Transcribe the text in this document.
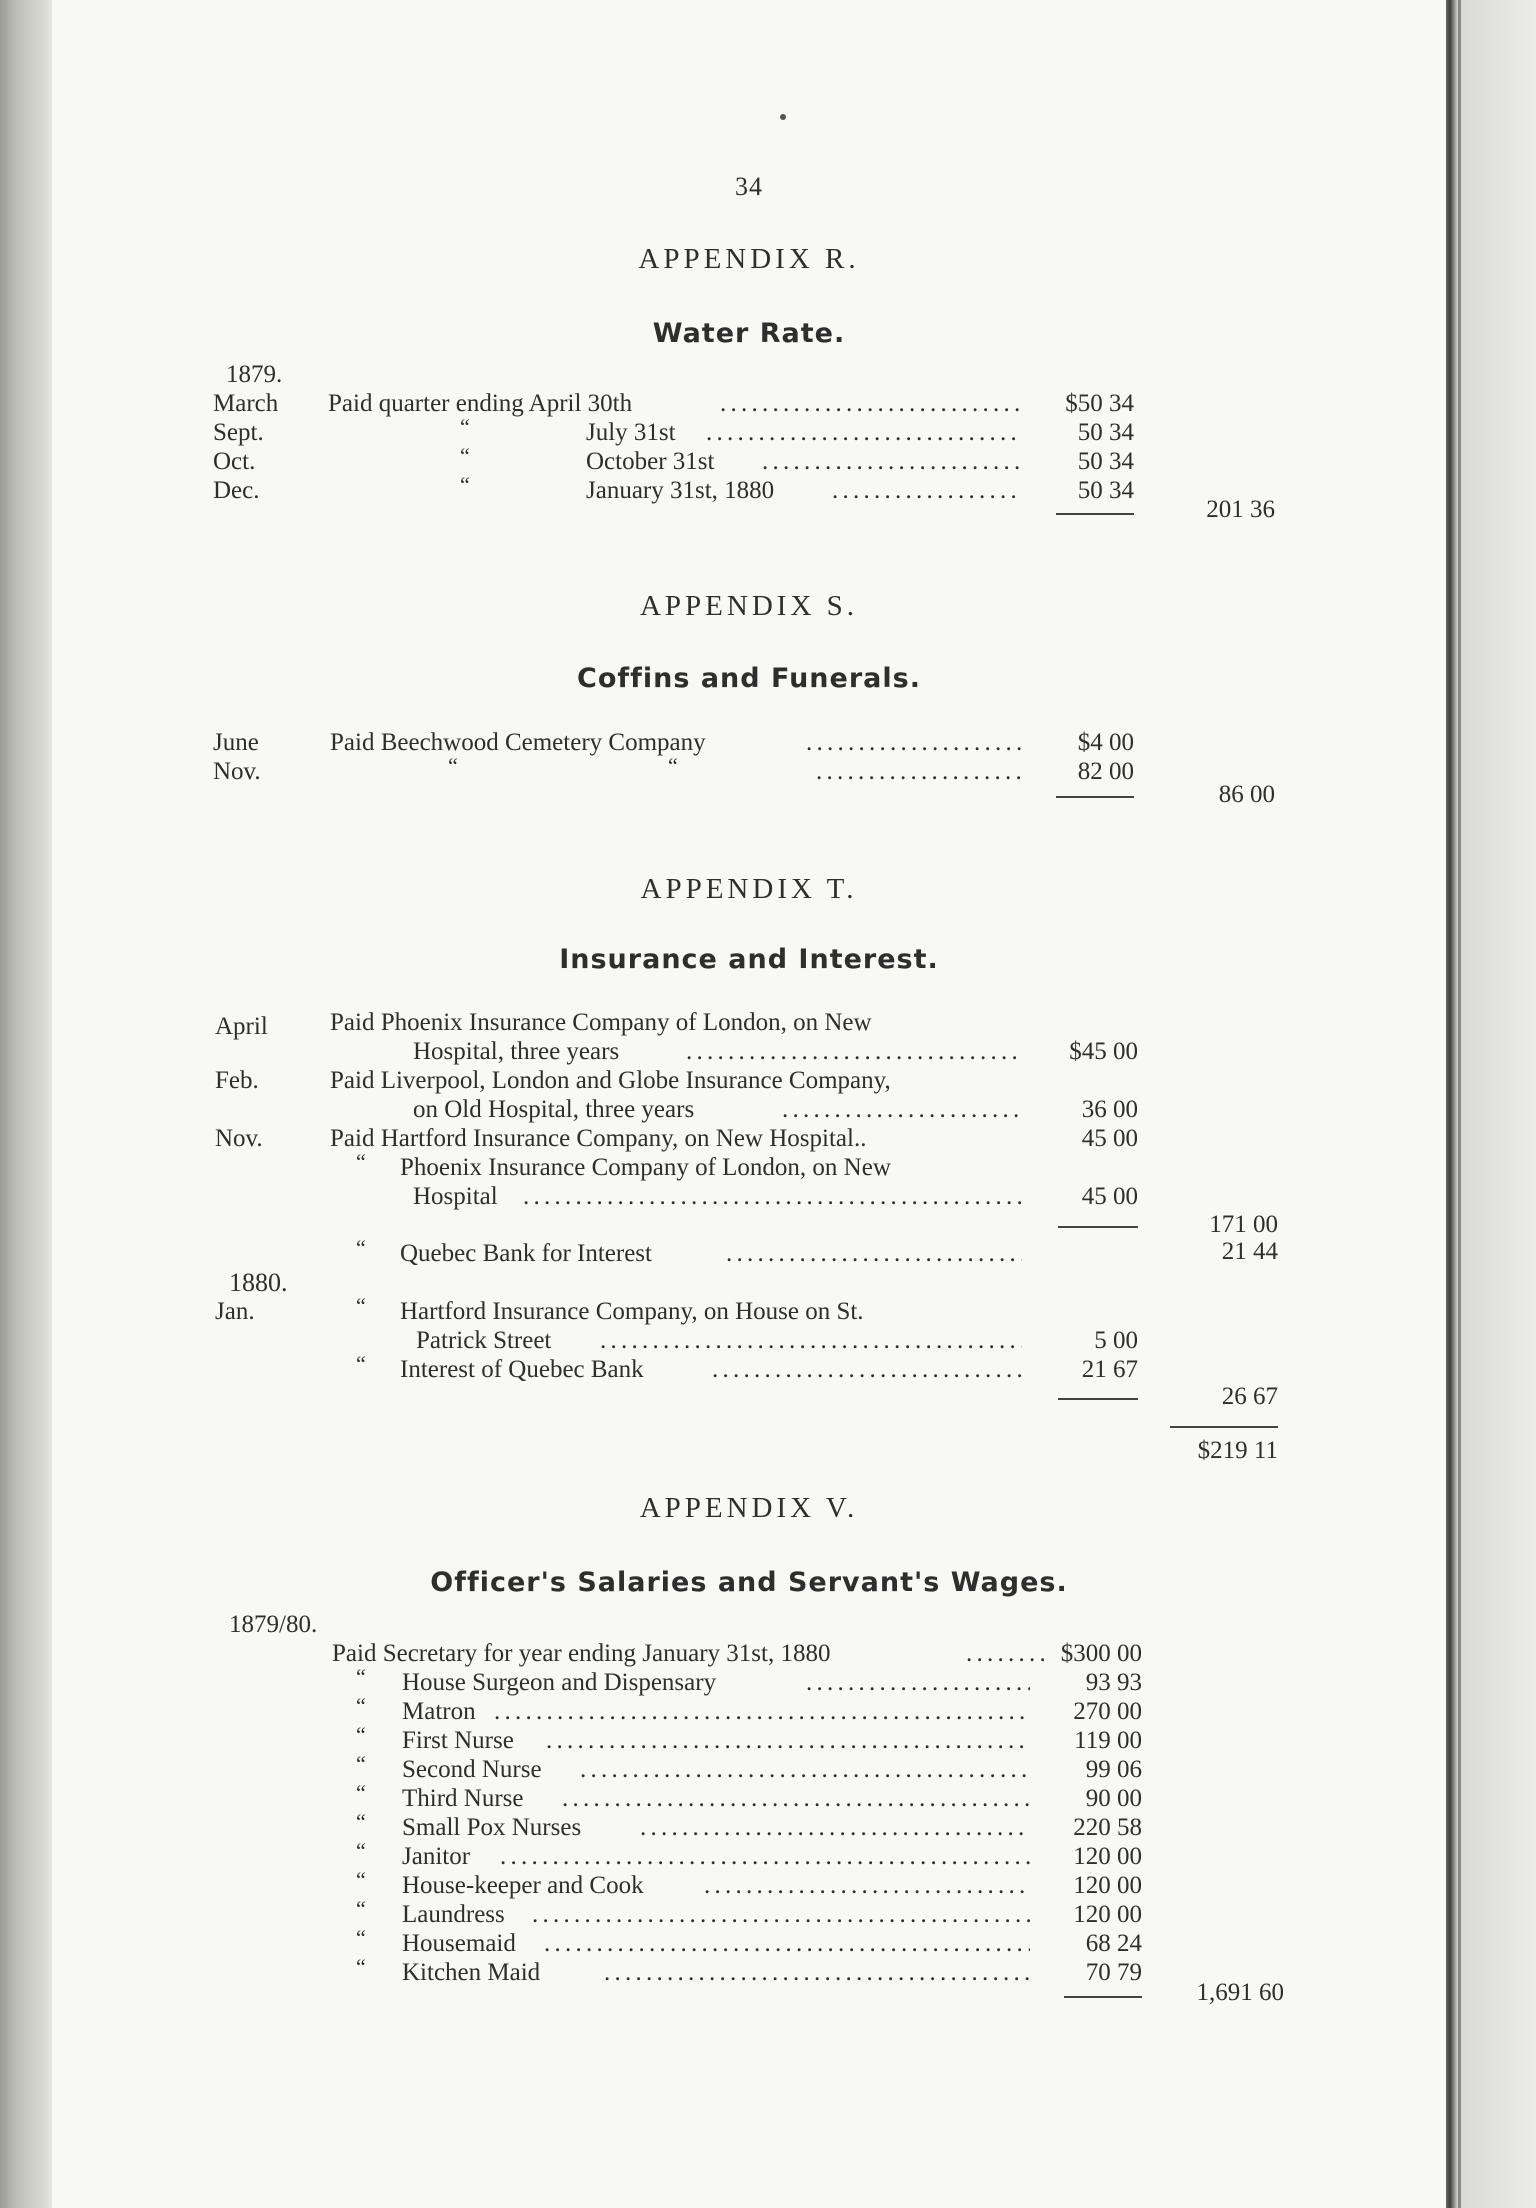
34
APPENDIX R.
Water Rate.
1879.
March Paid quarter ending April 30th . . .	$50 34
Sept.	“	July 31st . . .	50 34
Oct.	“	October 31st . . .	50 34
Dec.	“	January 31st, 1880 . . .	50 34
201 36
APPENDIX S.
Coffins and Funerals.
June	Paid Beechwood Cemetery Company . . .	$4 00
Nov.	“	“ . . .	82 00
86 00
APPENDIX T.
Insurance and Interest.
April Paid Phoenix Insurance Company of London, on New
Hospital, three years . . .	$45 00
Feb.	Paid Liverpool, London and Globe Insurance Company,
on Old Hospital, three years . . .	36 00
Nov.	Paid Hartford Insurance Company, on New Hospital..	45 00
“ Phoenix Insurance Company of London, on New
Hospital . . .	45 00
171 00
“ Quebec Bank for Interest . . .	21 44
1880.
Jan.	“ Hartford Insurance Company, on House on St.
Patrick Street . . .	5 00
“ Interest of Quebec Bank . . .	21 67
26 67
$219 11
APPENDIX V.
Officer's Salaries and Servant's Wages.
1879/80.
Paid Secretary for year ending January 31st, 1880 . . .	$300 00
“ House Surgeon and Dispensary . . .	93 93
“ Matron . . .	270 00
“ First Nurse . . .	119 00
“ Second Nurse . . .	99 06
“ Third Nurse . . .	90 00
“ Small Pox Nurses . . .	220 58
“ Janitor . . .	120 00
“ House-keeper and Cook . . .	120 00
“ Laundress . . .	120 00
“ Housemaid . . .	68 24
“ Kitchen Maid . . .	70 79
1,691 60
